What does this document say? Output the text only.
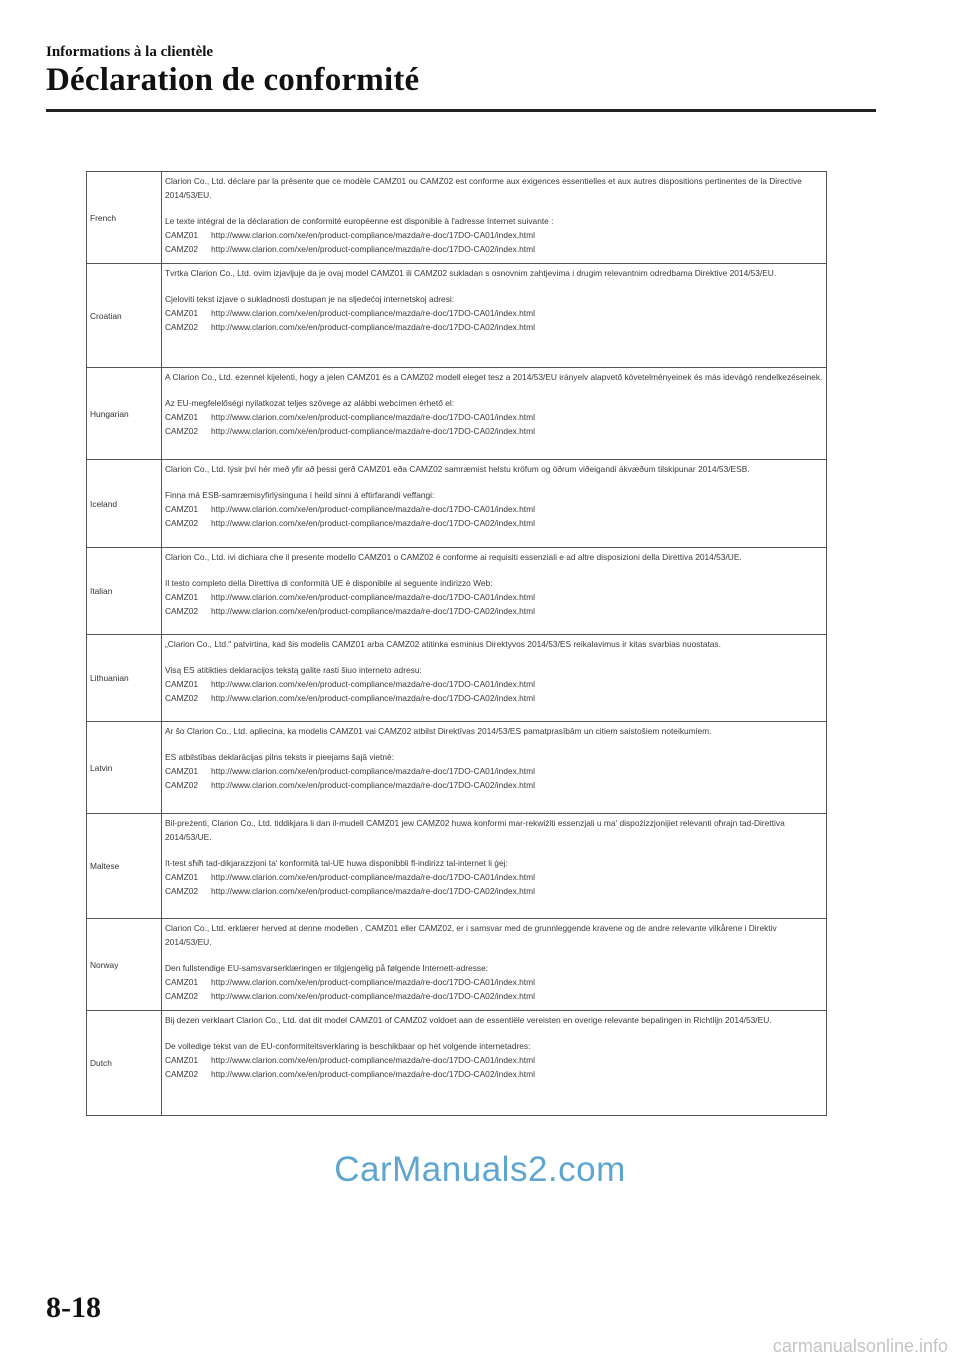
Informations à la clientèle
Déclaration de conformité
French	Clarion Co., Ltd. déclare par la présente que ce modèle CAMZ01 ou CAMZ02 est conforme aux exigences essentielles et aux autres dispositions pertinentes de la Directive 2014/53/EU.
Le texte intégral de la déclaration de conformité européenne est disponible à l'adresse Internet suivante :
CAMZ01 http://www.clarion.com/xe/en/product-compliance/mazda/re-doc/17DO-CA01/index.html
CAMZ02 http://www.clarion.com/xe/en/product-compliance/mazda/re-doc/17DO-CA02/index.html

Croatian	Tvrtka Clarion Co., Ltd. ovim izjavljuje da je ovaj model CAMZ01 ili CAMZ02 sukladan s osnovnim zahtjevima i drugim relevantnim odredbama Direktive 2014/53/EU.
Cjeloviti tekst izjave o sukladnosti dostupan je na sljedećoj internetskoj adresi:
CAMZ01 http://www.clarion.com/xe/en/product-compliance/mazda/re-doc/17DO-CA01/index.html
CAMZ02 http://www.clarion.com/xe/en/product-compliance/mazda/re-doc/17DO-CA02/index.html

Hungarian	A Clarion Co., Ltd. ezennel kijelenti, hogy a jelen CAMZ01 és a CAMZ02 modell eleget tesz a 2014/53/EU irányelv alapvető követelményeinek és más idevágó rendelkezéseinek.
Az EU-megfelelőségi nyilatkozat teljes szövege az alábbi webcímen érhető el:
CAMZ01 http://www.clarion.com/xe/en/product-compliance/mazda/re-doc/17DO-CA01/index.html
CAMZ02 http://www.clarion.com/xe/en/product-compliance/mazda/re-doc/17DO-CA02/index.html

Iceland	Clarion Co., Ltd. lýsir því hér með yfir að þessi gerð CAMZ01 eða CAMZ02 samræmist helstu kröfum og öðrum viðeigandi ákvæðum tilskipunar 2014/53/ESB.
Finna má ESB-samræmisyfirlýsinguna í heild sinni á eftirfarandi veffangi:
CAMZ01 http://www.clarion.com/xe/en/product-compliance/mazda/re-doc/17DO-CA01/index.html
CAMZ02 http://www.clarion.com/xe/en/product-compliance/mazda/re-doc/17DO-CA02/index.html

Italian	Clarion Co., Ltd. ivi dichiara che il presente modello CAMZ01 o CAMZ02 è conforme ai requisiti essenziali e ad altre disposizioni della Direttiva 2014/53/UE.
Il testo completo della Direttiva di conformità UE è disponibile al seguente indirizzo Web:
CAMZ01 http://www.clarion.com/xe/en/product-compliance/mazda/re-doc/17DO-CA01/index.html
CAMZ02 http://www.clarion.com/xe/en/product-compliance/mazda/re-doc/17DO-CA02/index.html

Lithuanian	„Clarion Co., Ltd." patvirtina, kad šis modelis CAMZ01 arba CAMZ02 atitinka esminius Direktyvos 2014/53/ES reikalavimus ir kitas svarbias nuostatas.
Visą ES atitikties deklaracijos tekstą galite rasti šiuo interneto adresu:
CAMZ01 http://www.clarion.com/xe/en/product-compliance/mazda/re-doc/17DO-CA01/index.html
CAMZ02 http://www.clarion.com/xe/en/product-compliance/mazda/re-doc/17DO-CA02/index.html

Latvin	Ar šo Clarion Co., Ltd. apliecina, ka modelis CAMZ01 vai CAMZ02 atbilst Direktīvas 2014/53/ES pamatprasībām un citiem saistošiem noteikumiem.
ES atbilstības deklarācijas pilns teksts ir pieejams šajā vietnē:
CAMZ01 http://www.clarion.com/xe/en/product-compliance/mazda/re-doc/17DO-CA01/index.html
CAMZ02 http://www.clarion.com/xe/en/product-compliance/mazda/re-doc/17DO-CA02/index.html

Maltese	Bil-preżenti, Clarion Co., Ltd. tiddikjara li dan il-mudell CAMZ01 jew CAMZ02 huwa konformi mar-rekwiżiti essenzjali u ma' dispożizzjonijiet relevanti oħrajn tad-Direttiva 2014/53/UE.
It-test sħiħ tad-dikjarazzjoni ta' konformità tal-UE huwa disponibbli fl-indirizz tal-internet li ġej:
CAMZ01 http://www.clarion.com/xe/en/product-compliance/mazda/re-doc/17DO-CA01/index.html
CAMZ02 http://www.clarion.com/xe/en/product-compliance/mazda/re-doc/17DO-CA02/index.html

Norway	Clarion Co., Ltd. erklærer herved at denne modellen , CAMZ01 eller CAMZ02, er i samsvar med de grunnleggende kravene og de andre relevante vilkårene i Direktiv 2014/53/EU.
Den fullstendige EU-samsvarserklæringen er tilgjengelig på følgende Internett-adresse:
CAMZ01 http://www.clarion.com/xe/en/product-compliance/mazda/re-doc/17DO-CA01/index.html
CAMZ02 http://www.clarion.com/xe/en/product-compliance/mazda/re-doc/17DO-CA02/index.html

Dutch	Bij dezen verklaart Clarion Co., Ltd. dat dit model CAMZ01 of CAMZ02 voldoet aan de essentiële vereisten en overige relevante bepalingen in Richtlijn 2014/53/EU.
De volledige tekst van de EU-conformiteitsverklaring is beschikbaar op het volgende internetadres:
CAMZ01 http://www.clarion.com/xe/en/product-compliance/mazda/re-doc/17DO-CA01/index.html
CAMZ02 http://www.clarion.com/xe/en/product-compliance/mazda/re-doc/17DO-CA02/index.html
CarManuals2.com
8-18
carmanualsonline.info
